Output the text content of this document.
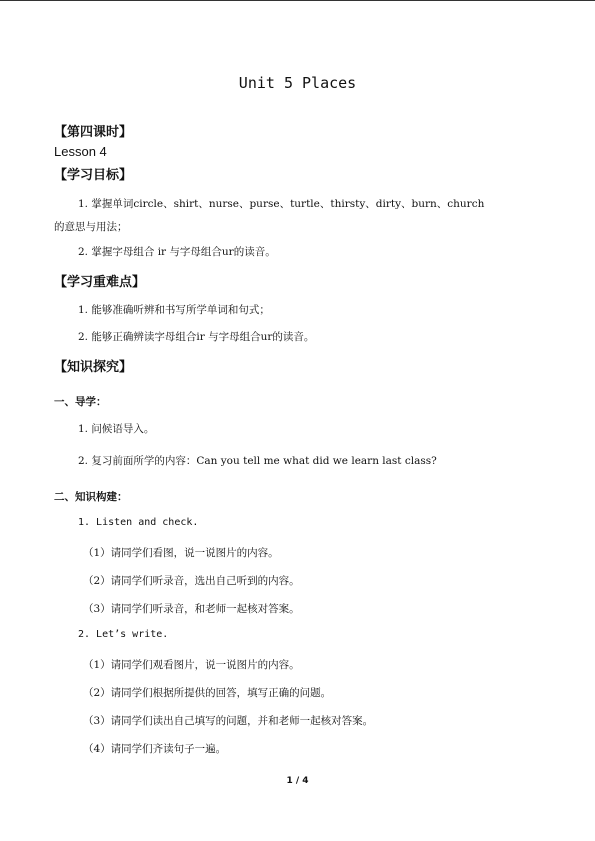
Unit 5 Places
【第四课时】
Lesson 4
【学习目标】
1. 掌握单词circle、shirt、nurse、purse、turtle、thirsty、dirty、burn、church
的意思与用法；
2. 掌握字母组合 ir 与字母组合ur的读音。
【学习重难点】
1. 能够准确听辨和书写所学单词和句式；
2. 能够正确辨读字母组合ir 与字母组合ur的读音。
【知识探究】
一、导学：
1. 问候语导入。
2. 复习前面所学的内容：Can you tell me what did we learn last class?
二、知识构建：
1. Listen and check.
（1）请同学们看图，说一说图片的内容。
（2）请同学们听录音，选出自己听到的内容。
（3）请同学们听录音，和老师一起核对答案。
2. Let’s write.
（1）请同学们观看图片，说一说图片的内容。
（2）请同学们根据所提供的回答，填写正确的问题。
（3）请同学们读出自己填写的问题，并和老师一起核对答案。
（4）请同学们齐读句子一遍。
1 / 4
